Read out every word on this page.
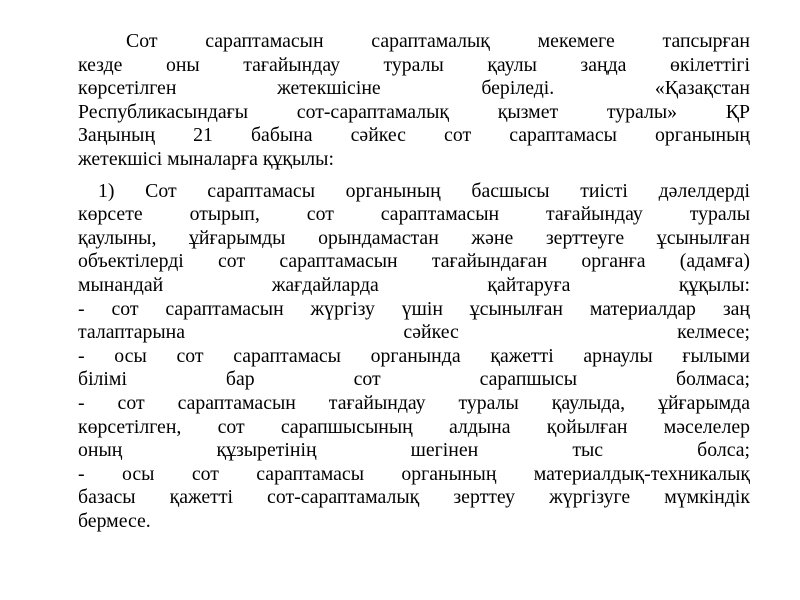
Сот сараптамасын сараптамалық мекемеге тапсырған
кезде оны тағайындау туралы қаулы заңда өкілеттігі
көрсетілген жетекшісіне беріледі. «Қазақстан
Республикасындағы сот-сараптамалық қызмет туралы» ҚР
Заңының 21 бабына сәйкес сот сараптамасы органының
жетекшісі мыналарға құқылы:
1) Сот сараптамасы органының басшысы тиісті дәлелдерді
көрсете отырып, сот сараптамасын тағайындау туралы
қаулыны, ұйғарымды орындамастан және зерттеуге ұсынылған
объектілерді сот сараптамасын тағайындаған органға (адамға)
мынандай жағдайларда қайтаруға құқылы:
- сот сараптамасын жүргізу үшін ұсынылған материалдар заң
талаптарына сәйкес келмесе;
- осы сот сараптамасы органында қажетті арнаулы ғылыми
білімі бар сот сарапшысы болмаса;
- сот сараптамасын тағайындау туралы қаулыда, ұйғарымда
көрсетілген, сот сарапшысының алдына қойылған мәселелер
оның құзыретінің шегінен тыс болса;
- осы сот сараптамасы органының материалдық-техникалық
базасы қажетті сот-сараптамалық зерттеу жүргізуге мүмкіндік
бермесе.
